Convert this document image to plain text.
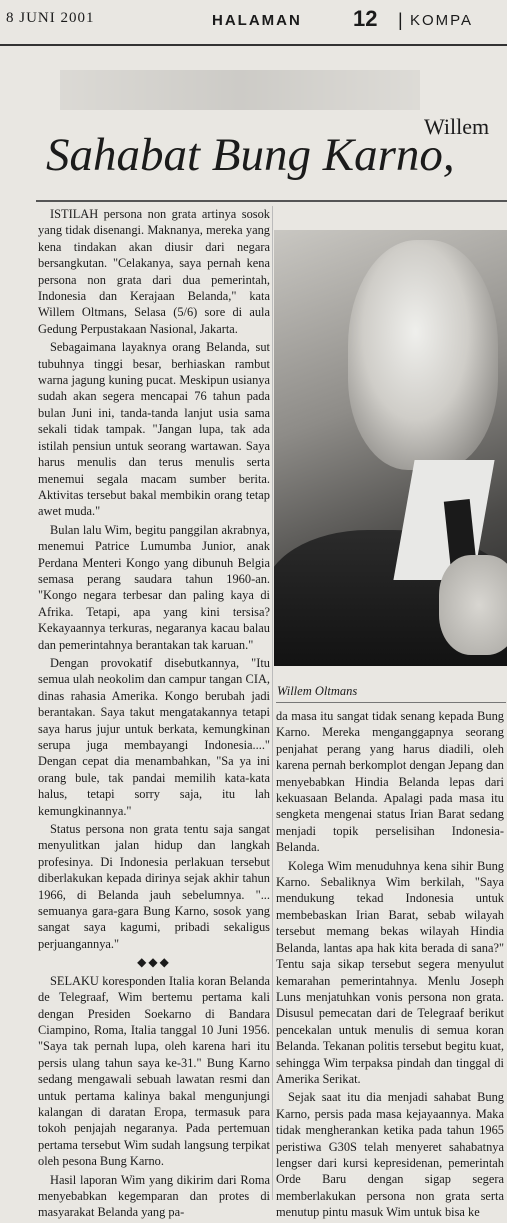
8 JUNI 2001	HALAMAN 12 | KOMPA
Willem
Sahabat Bung Karno,

ISTILAH persona non grata artinya sosok yang tidak disenangi. Maknanya, mereka yang kena tindakan akan diusir dari negara bersangkutan. "Celakanya, saya pernah kena persona non grata dari dua pemerintah, Indonesia dan Kerajaan Belanda," kata Willem Oltmans, Selasa (5/6) sore di aula Gedung Perpustakaan Nasional, Jakarta.

Sebagaimana layaknya orang Belanda, sut tubuhnya tinggi besar, berhiaskan rambut warna jagung kuning pucat. Meskipun usianya sudah akan segera mencapai 76 tahun pada bulan Juni ini, tanda-tanda lanjut usia sama sekali tidak tampak. "Jangan lupa, tak ada istilah pensiun untuk seorang wartawan. Saya harus menulis dan terus menulis serta menemui segala macam sumber berita. Aktivitas tersebut bakal membikin orang tetap awet muda."

Bulan lalu Wim, begitu panggilan akrabnya, menemui Patrice Lumumba Junior, anak Perdana Menteri Kongo yang dibunuh Belgia semasa perang saudara tahun 1960-an. "Kongo negara terbesar dan paling kaya di Afrika. Tetapi, apa yang kini tersisa? Kekayaannya terkuras, negaranya kacau balau dan pemerintahnya berantakan tak karuan."

Dengan provokatif disebutkannya, "Itu semua ulah neokolim dan campur tangan CIA, dinas rahasia Amerika. Kongo berubah jadi berantakan. Saya takut mengatakannya tetapi saya harus jujur untuk berkata, kemungkinan serupa juga membayangi Indonesia...." Dengan cepat dia menambahkan, "Sa ya ini orang bule, tak pandai memilih kata-kata halus, tetapi sorry saja, itu lah kemungkinannya."

Status persona non grata tentu saja sangat menyulitkan jalan hidup dan langkah profesinya. Di Indonesia perlakuan tersebut diberlakukan kepada dirinya sejak akhir tahun 1966, di Belanda jauh sebelumnya. "... semuanya gara-gara Bung Karno, sosok yang sangat saya kagumi, pribadi sekaligus perjuangannya."

◆◆◆

SELAKU koresponden Italia koran Belanda de Telegraaf, Wim bertemu pertama kali dengan Presiden Soekarno di Bandara Ciampino, Roma, Italia tanggal 10 Juni 1956. "Saya tak pernah lupa, oleh karena hari itu persis ulang tahun saya ke-31." Bung Karno sedang mengawali sebuah lawatan resmi dan untuk pertama kalinya bakal mengunjungi kalangan di daratan Eropa, termasuk para tokoh penjajah negaranya. Pada pertemuan pertama tersebut Wim sudah langsung terpikat oleh pesona Bung Karno.

Hasil laporan Wim yang dikirim dari Roma menyebabkan kegemparan dan protes di masyarakat Belanda yang pa-

Willem Oltmans

da masa itu sangat tidak senang kepada Bung Karno. Mereka menganggapnya seorang penjahat perang yang harus diadili, oleh karena pernah berkomplot dengan Jepang dan menyebabkan Hindia Belanda lepas dari kekuasaan Belanda. Apalagi pada masa itu sengketa mengenai status Irian Barat sedang menjadi topik perselisihan Indonesia-Belanda.

Kolega Wim menuduhnya kena sihir Bung Karno. Sebaliknya Wim berkilah, "Saya mendukung tekad Indonesia untuk membebaskan Irian Barat, sebab wilayah tersebut memang bekas wilayah Hindia Belanda, lantas apa hak kita berada di sana?" Tentu saja sikap tersebut segera menyulut kemarahan pemerintahnya. Menlu Joseph Luns menjatuhkan vonis persona non grata. Disusul pemecatan dari de Telegraaf berikut pencekalan untuk menulis di semua koran Belanda. Tekanan politis tersebut begitu kuat, sehingga Wim terpaksa pindah dan tinggal di Amerika Serikat.

Sejak saat itu dia menjadi sahabat Bung Karno, persis pada masa kejayaannya. Maka tidak mengherankan ketika pada tahun 1965 peristiwa G30S telah menyeret sahabatnya lengser dari kursi kepresidenan, pemerintah Orde Baru dengan sigap segera memberlakukan persona non grata serta menutup pintu masuk Wim untuk bisa ke
